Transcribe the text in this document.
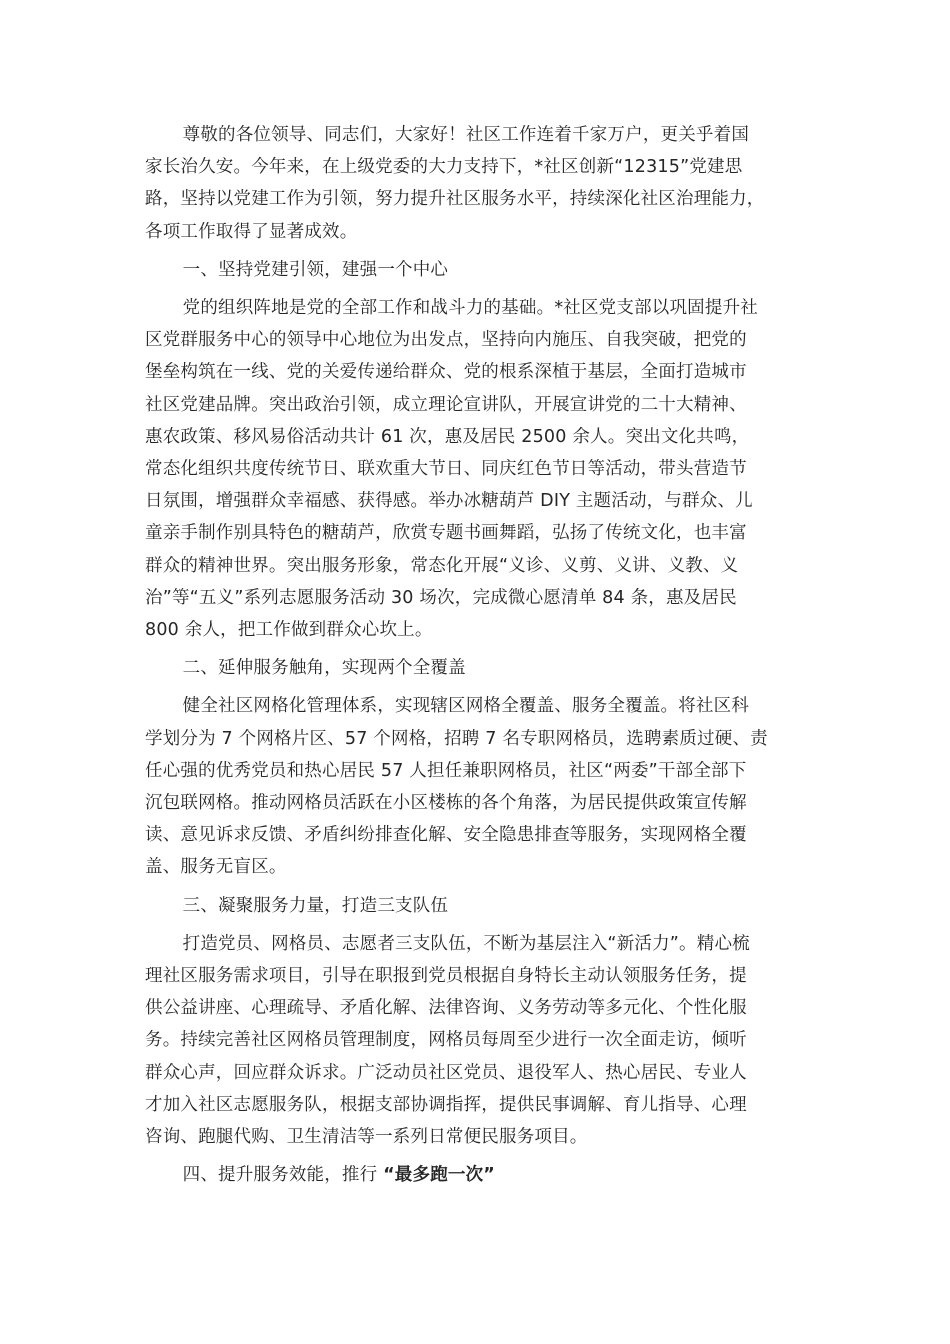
尊敬的各位领导、同志们，大家好！社区工作连着千家万户，更关乎着国
家长治久安。今年来，在上级党委的大力支持下，*社区创新“12315”党建思
路，坚持以党建工作为引领，努力提升社区服务水平，持续深化社区治理能力，
各项工作取得了显著成效。

一、坚持党建引领，建强一个中心

党的组织阵地是党的全部工作和战斗力的基础。*社区党支部以巩固提升社
区党群服务中心的领导中心地位为出发点，坚持向内施压、自我突破，把党的
堡垒构筑在一线、党的关爱传递给群众、党的根系深植于基层，全面打造城市
社区党建品牌。突出政治引领，成立理论宣讲队，开展宣讲党的二十大精神、
惠农政策、移风易俗活动共计 61 次，惠及居民 2500 余人。突出文化共鸣，
常态化组织共度传统节日、联欢重大节日、同庆红色节日等活动，带头营造节
日氛围，增强群众幸福感、获得感。举办冰糖葫芦 DIY 主题活动，与群众、儿
童亲手制作别具特色的糖葫芦，欣赏专题书画舞蹈，弘扬了传统文化，也丰富
群众的精神世界。突出服务形象，常态化开展“义诊、义剪、义讲、义教、义
治”等“五义”系列志愿服务活动 30 场次，完成微心愿清单 84 条，惠及居民
800 余人，把工作做到群众心坎上。

二、延伸服务触角，实现两个全覆盖

健全社区网格化管理体系，实现辖区网格全覆盖、服务全覆盖。将社区科
学划分为 7 个网格片区、57 个网格，招聘 7 名专职网格员，选聘素质过硬、责
任心强的优秀党员和热心居民 57 人担任兼职网格员，社区“两委”干部全部下
沉包联网格。推动网格员活跃在小区楼栋的各个角落，为居民提供政策宣传解
读、意见诉求反馈、矛盾纠纷排查化解、安全隐患排查等服务，实现网格全覆
盖、服务无盲区。

三、凝聚服务力量，打造三支队伍

打造党员、网格员、志愿者三支队伍，不断为基层注入“新活力”。精心梳
理社区服务需求项目，引导在职报到党员根据自身特长主动认领服务任务，提
供公益讲座、心理疏导、矛盾化解、法律咨询、义务劳动等多元化、个性化服
务。持续完善社区网格员管理制度，网格员每周至少进行一次全面走访，倾听
群众心声，回应群众诉求。广泛动员社区党员、退役军人、热心居民、专业人
才加入社区志愿服务队，根据支部协调指挥，提供民事调解、育儿指导、心理
咨询、跑腿代购、卫生清洁等一系列日常便民服务项目。

四、提升服务效能，推行 “最多跑一次”
